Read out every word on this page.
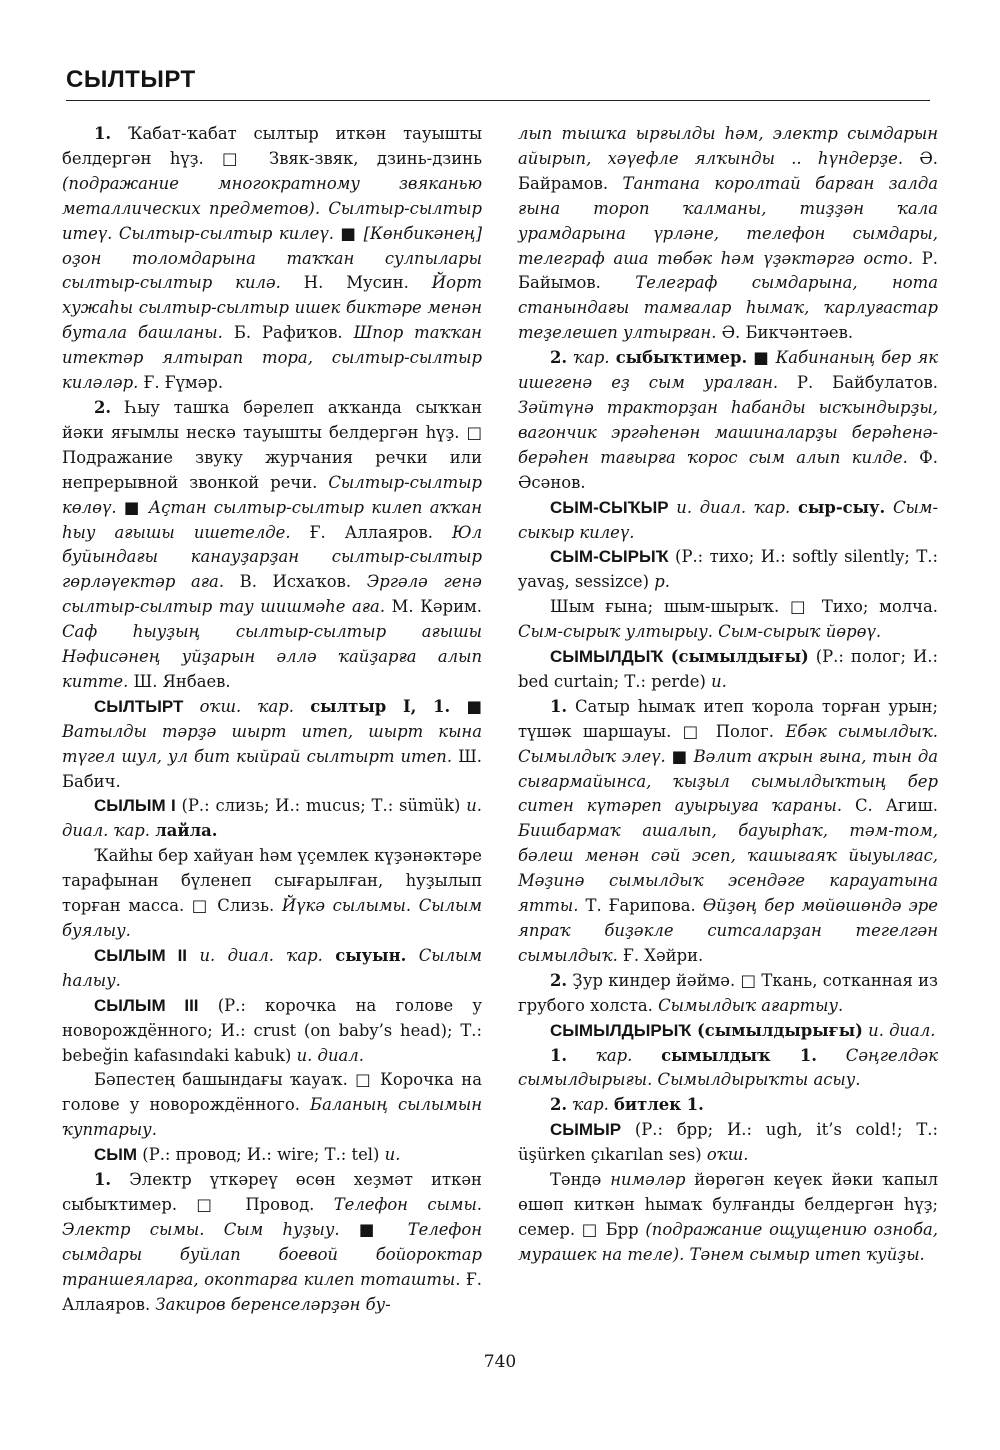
СЫЛТЫРТ

1. Ҡабат-ҡабат сылтыр иткән тауышты белдергән һүҙ. □ Звяк-звяк, дзинь-дзинь (подражание многократному звяканью металлических предметов). Сылтыр-сылтыр итеү. Сылтыр-сылтыр килеү. ■ [Көнбикәнең] оҙон толомдарына таҡҡан сулпылары сылтыр-сылтыр килә. Н. Мусин. Йорт хужаһы сылтыр-сылтыр ишек биктәре менән бутала башланы. Б. Рафиҡов. Шпор таҡҡан итектәр ялтырап тора, сылтыр-сылтыр киләләр. Ғ. Ғүмәр.

2. Һыу ташҡа бәрелеп аҡҡанда сыҡҡан йәки яғымлы нескә тауышты белдергән һүҙ. □ Подражание звуку журчания речки или непрерывной звонкой речи. Сылтыр-сылтыр көлөү. ■ Аҫтан сылтыр-сылтыр килеп аҡҡан һыу ағышы ишетелде. Ғ. Аллаяров. Юл буйындағы канауҙарҙан сылтыр-сылтыр гөрләүектәр аға. В. Исхаҡов. Эргәлә генә сылтыр-сылтыр тау шишмәһе аға. М. Кәрим. Саф һыуҙың сылтыр-сылтыр ағышы Нәфисәнең уйҙарын әллә ҡайҙарға алып китте. Ш. Янбаев.

СЫЛТЫРТ оҡш. ҡар. сылтыр I, 1. ■ Ватылды тәрҙә шырт итеп, шырт кына түгел шул, ул бит кыйрай сылтырт итеп. Ш. Бабич.

СЫЛЫМ I (Р.: слизь; И.: mucus; Т.: sümük) и. диал. ҡар. лайла.

Ҡайһы бер хайуан һәм үҫемлек күҙәнәктәре тарафынан бүленеп сығарылған, һуҙылып торған масса. □ Слизь. Йүкә сылымы. Сылым буялыу.

СЫЛЫМ II и. диал. ҡар. сыуын. Сылым һалыу.

СЫЛЫМ III (Р.: корочка на голове у новорождённого; И.: crust (on baby’s head); Т.: bebeğin kafasındaki kabuk) и. диал.

Бәпестең башындағы ҡауаҡ. □ Корочка на голове у новорождённого. Баланың сылымын ҡуптарыу.

СЫМ (Р.: провод; И.: wire; Т.: tel) и.

1. Электр үткәреү өсөн хеҙмәт иткән сыбыҡтимер. □ Провод. Телефон сымы. Электр сымы. Сым һуҙыу. ■ Телефон сымдары буйлап боевой бойороктар траншеяларға, окоптарға килеп тоташты. Ғ. Аллаяров. Закиров беренселәрҙән бу-

лып тышҡа ырғылды һәм, электр сымдарын айырып, хәүефле ялҡынды .. һүндерҙе. Ә. Байрамов. Тантана королтай барған залда ғына тороп ҡалманы, тиҙҙән ҡала урамдарына үрләне, телефон сымдары, телеграф аша төбәк һәм үҙәктәргә осто. Р. Байымов. Телеграф сымдарына, нота станындағы тамғалар һымаҡ, ҡарлуғастар теҙелешеп ултырған. Ә. Бикчәнтәев.

2. ҡар. сыбыҡтимер. ■ Кабинаның бер як ишегенә еҙ сым уралған. Р. Байбулатов. Зәйтүнә тракторҙан һабанды ысҡындырҙы, вагончик эргәһенән машиналарҙы берәһенә-берәһен тағырға ҡорос сым алып килде. Ф. Әсәнов.

СЫМ-СЫҠЫР и. диал. ҡар. сыр-сыу. Сым-сыкыр килеү.

СЫМ-СЫРЫҠ (Р.: тихо; И.: softly silently; Т.: yavaş, sessizce) р.

Шым ғына; шым-шырыҡ. □ Тихо; молча. Сым-сырыҡ ултырыу. Сым-сырыҡ йөрөү.

СЫМЫЛДЫҠ (сымылдығы) (Р.: полог; И.: bed curtain; Т.: perde) и.

1. Сатыр һымаҡ итеп ҡорола торған урын; түшәк шаршауы. □ Полог. Ебәк сымылдыҡ. Сымылдыҡ элеү. ■ Вәлит аҡрын ғына, тын да сығармайынса, ҡыҙыл сымылдыҡтың бер ситен күтәреп ауырыуға ҡараны. С. Агиш. Бишбармаҡ ашалып, бауырһаҡ, тәм-том, бәлеш менән сәй эсеп, ҡашығаяҡ йыуылғас, Мәҙинә сымылдыҡ эсендәге карауатына ятты. Т. Ғарипова. Өйҙөң бер мөйөшөндә эре япраҡ биҙәкле ситсаларҙан тегелгән сымылдыҡ. Ғ. Хәйри.

2. Ҙур киндер йәймә. □ Ткань, сотканная из грубого холста. Сымылдыҡ ағартыу.

СЫМЫЛДЫРЫҠ (сымылдырығы) и. диал.

1. ҡар. сымылдыҡ 1. Сәңгелдәк сымылдырығы. Сымылдырыҡты асыу.

2. ҡар. битлек 1.

СЫМЫР (Р.: брр; И.: ugh, it’s cold!; Т.: üşürken çıkarılan ses) оҡш.

Тәндә нимәләр йөрөгән кеүек йәки ҡапыл өшөп киткән һымаҡ булғанды белдергән һүҙ; семер. □ Брр (подражание ощущению озноба, мурашек на теле). Тәнем сымыр итеп ҡуйҙы.

740
